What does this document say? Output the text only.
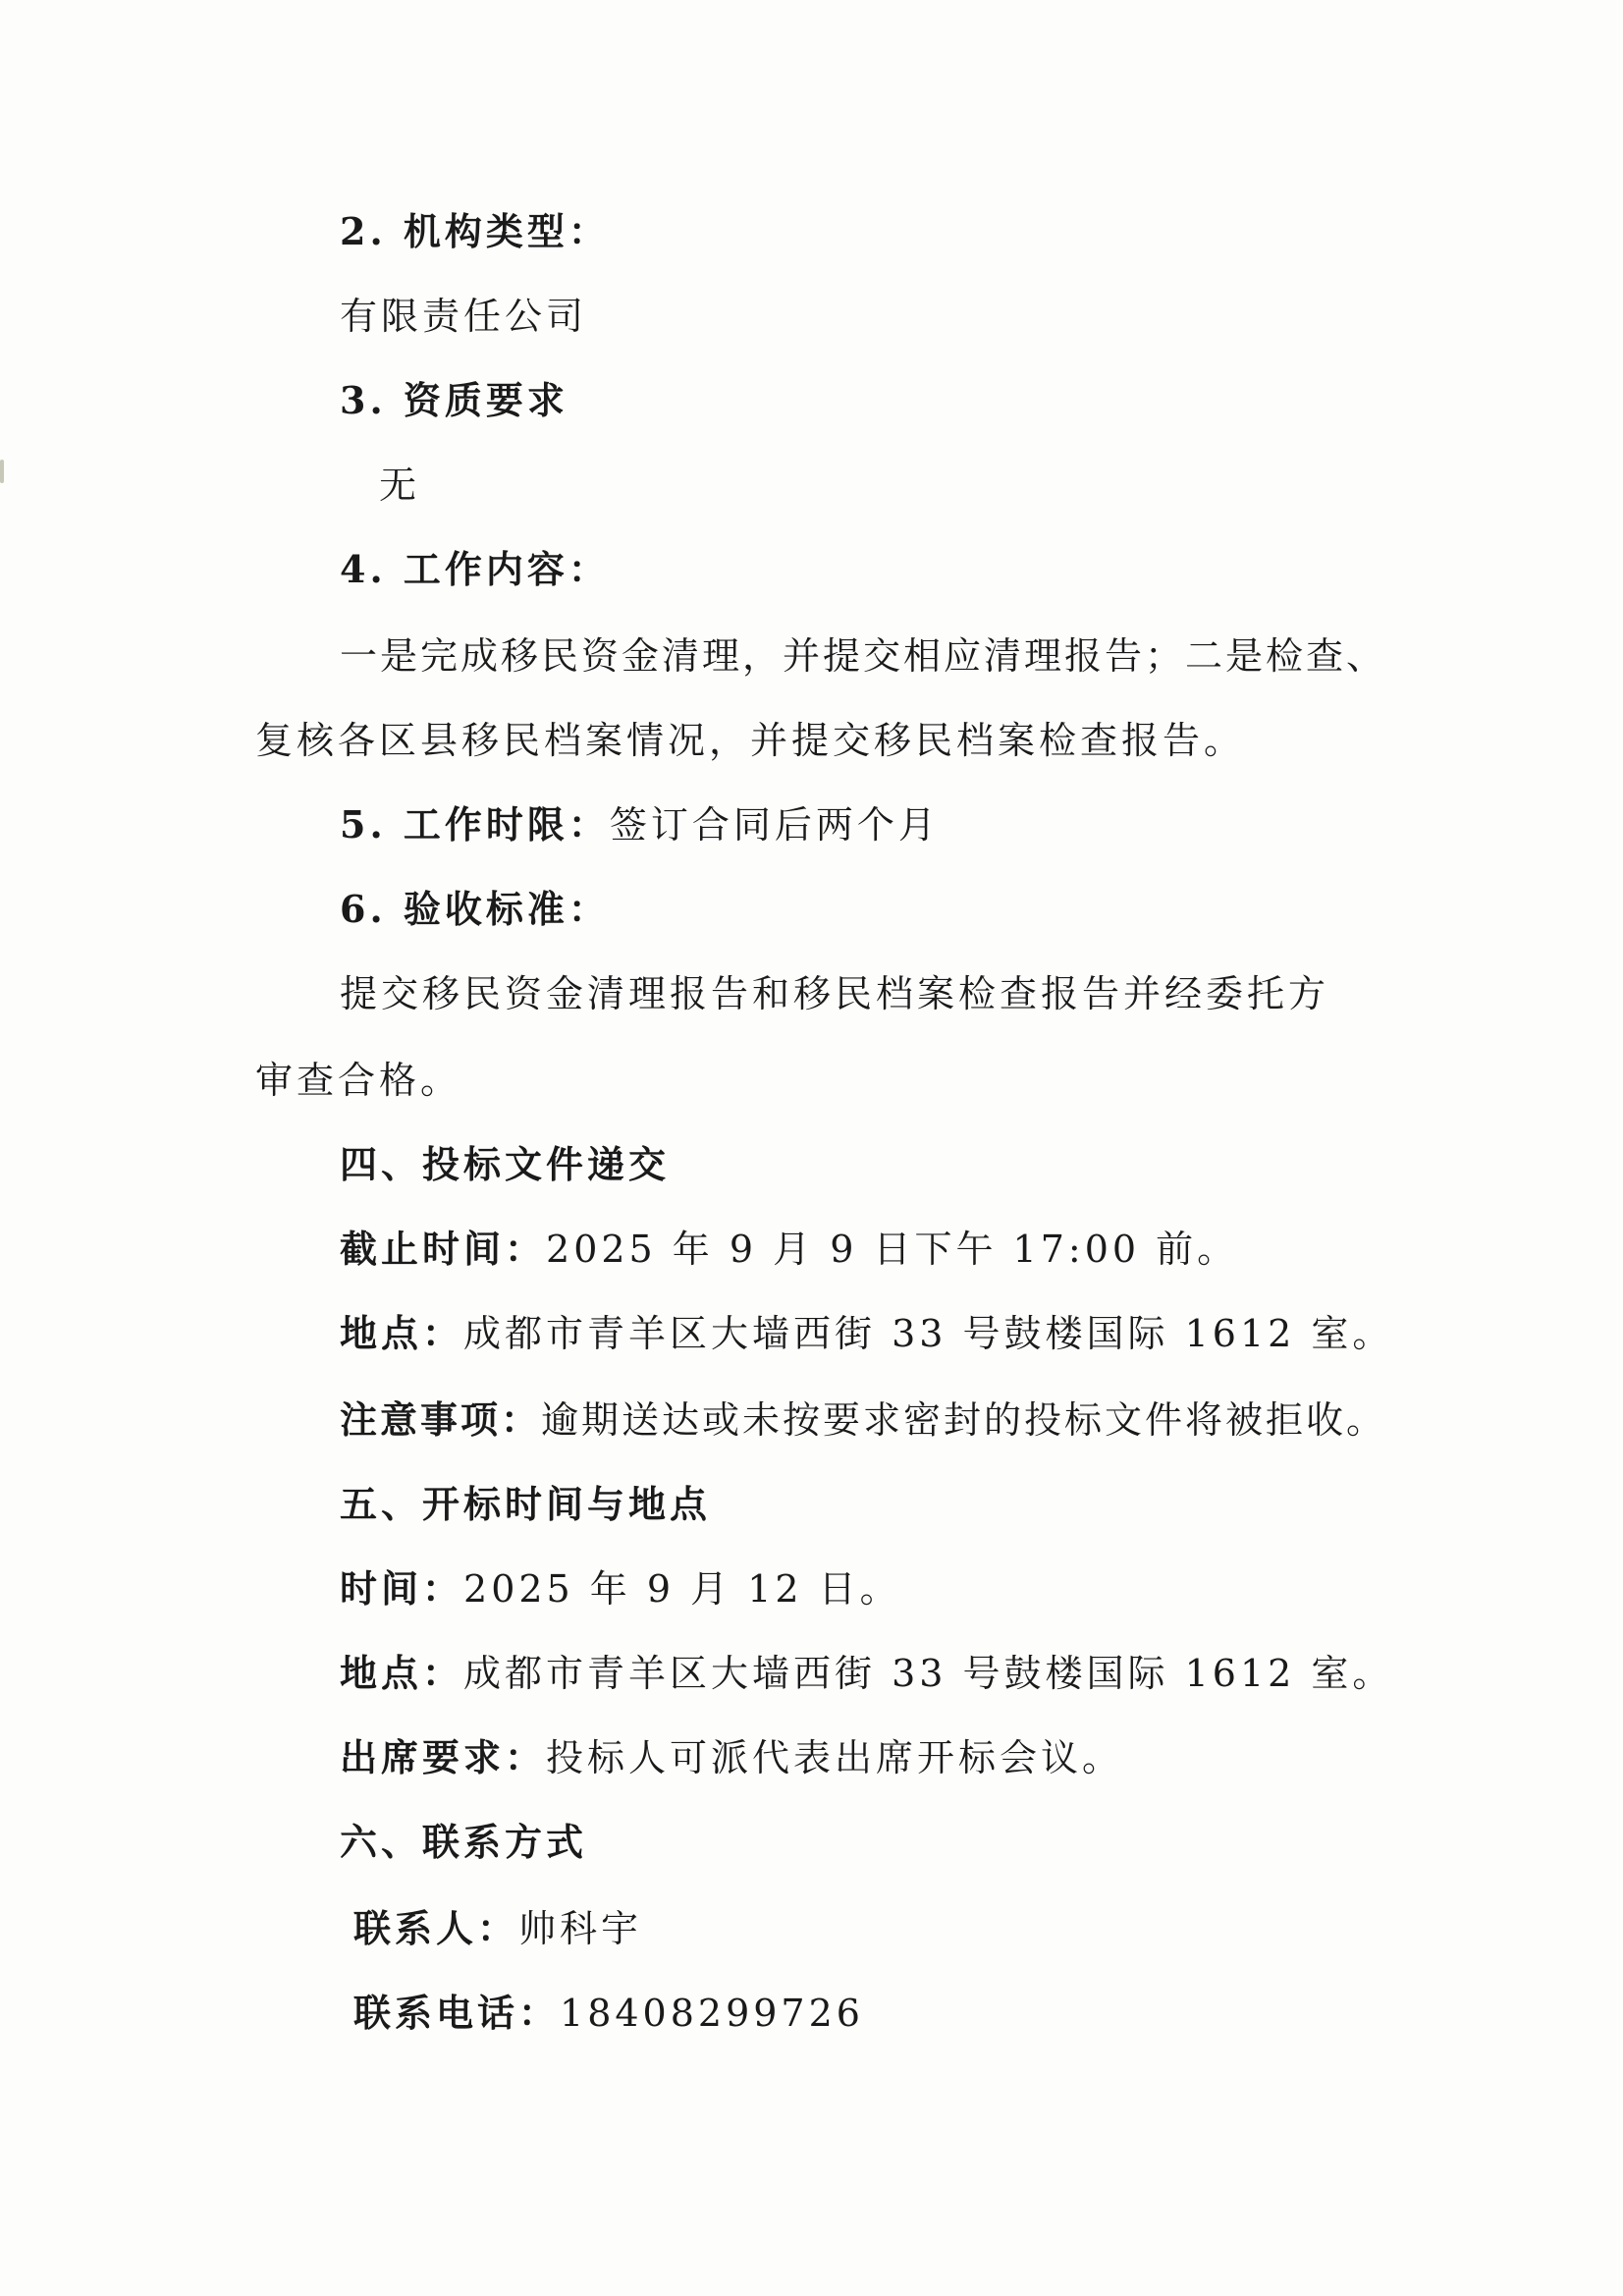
2. 机构类型：
有限责任公司
3. 资质要求
无
4. 工作内容：
一是完成移民资金清理，并提交相应清理报告；二是检查、
复核各区县移民档案情况，并提交移民档案检查报告。
5. 工作时限：签订合同后两个月
6. 验收标准：
提交移民资金清理报告和移民档案检查报告并经委托方
审查合格。
四、投标文件递交
截止时间：2025 年 9 月 9 日下午 17:00 前。
地点：成都市青羊区大墙西街 33 号鼓楼国际 1612 室。
注意事项：逾期送达或未按要求密封的投标文件将被拒收。
五、开标时间与地点
时间：2025 年 9 月 12 日。
地点：成都市青羊区大墙西街 33 号鼓楼国际 1612 室。
出席要求：投标人可派代表出席开标会议。
六、联系方式
联系人：帅科宇
联系电话：18408299726
